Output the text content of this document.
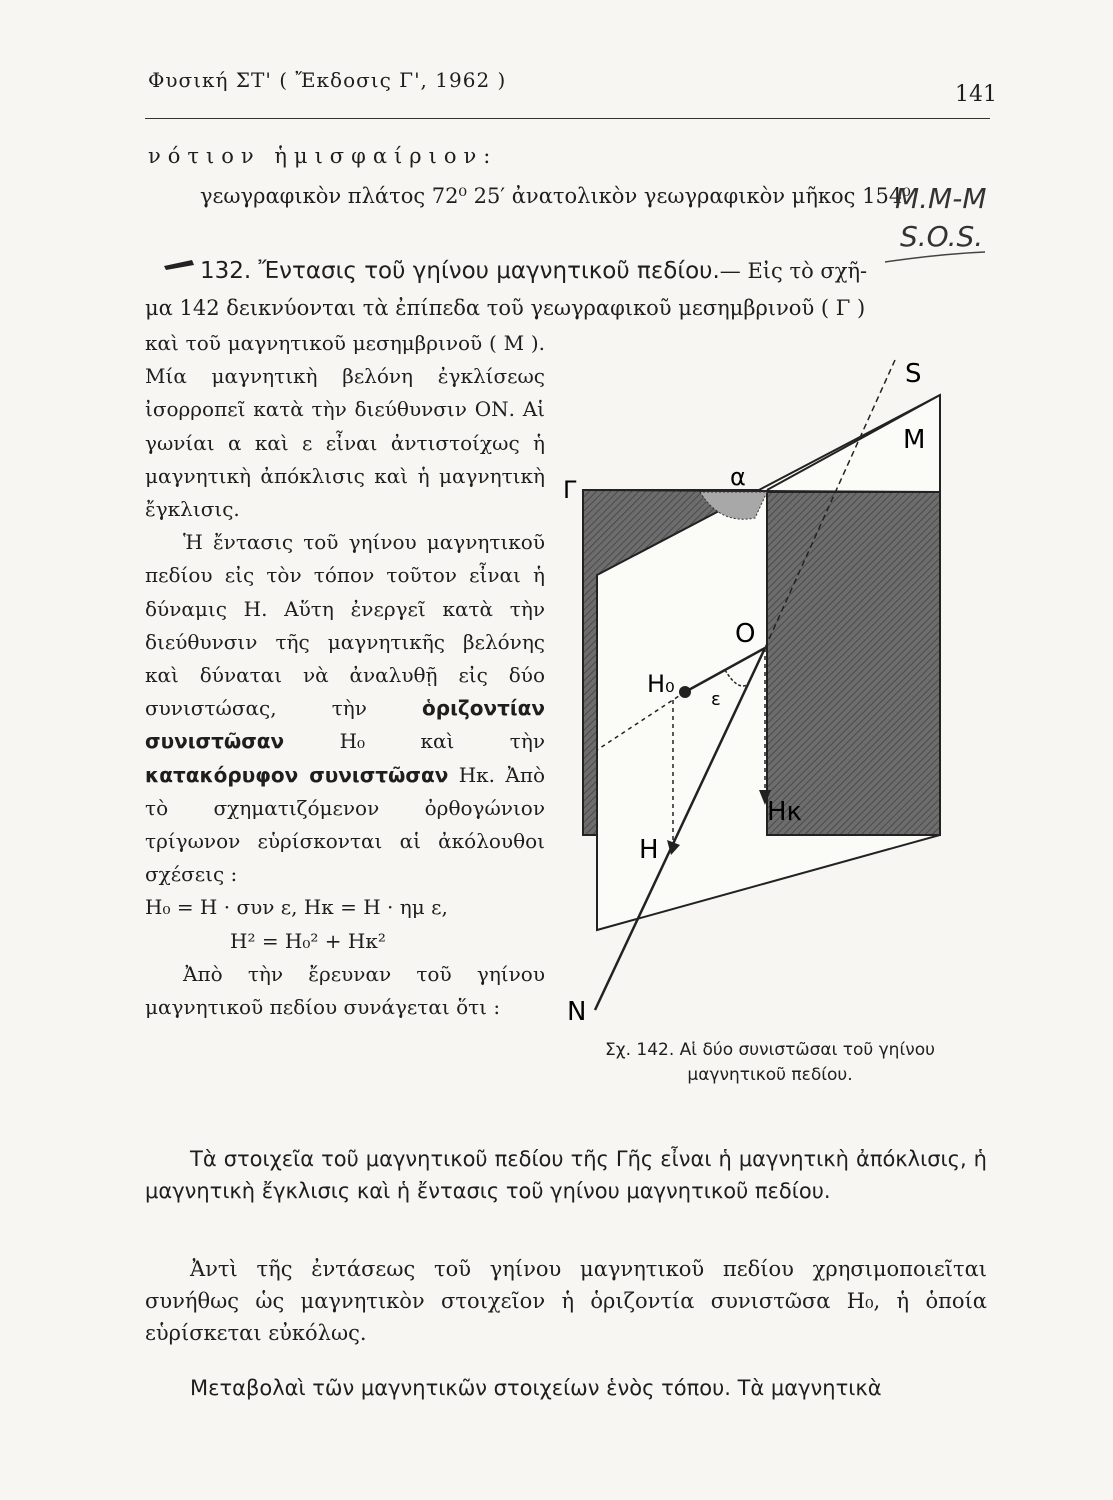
Φυσική ΣΤ' ( Ἔκδοσις Γ', 1962 )
141
νότιον ἡμισφαίριον:
γεωγραφικὸν πλάτος 72⁰ 25′ ἀνατολικὸν γεωγραφικὸν μῆκος 154⁰
M.M-M
S.O.S.
132. Ἔντασις τοῦ γηίνου μαγνητικοῦ πεδίου.— Εἰς τὸ σχῆ-
μα 142 δεικνύονται τὰ ἐπίπεδα τοῦ γεωγραφικοῦ μεσημβρινοῦ ( Γ )

καὶ τοῦ μαγνητικοῦ μεσημβρινοῦ ( Μ ). Μία μαγνητικὴ βελόνη ἐγκλίσεως ἰσορροπεῖ κατὰ τὴν διεύθυνσιν ΟΝ. Αἱ γωνίαι α καὶ ε εἶναι ἀντιστοίχως ἡ μαγνητικὴ ἀπόκλισις καὶ ἡ μαγνητικὴ ἔγκλισις.

Ἡ ἔντασις τοῦ γηίνου μαγνητικοῦ πεδίου εἰς τὸν τόπον τοῦτον εἶναι ἡ δύναμις Η. Αὕτη ἐνεργεῖ κατὰ τὴν διεύθυνσιν τῆς μαγνητικῆς βελόνης καὶ δύναται νὰ ἀναλυθῇ εἰς δύο συνιστώσας, τὴν	ὁριζοντίαν συνιστῶσαν	Η₀	καὶ τὴν κατακόρυφον συνιστῶσαν Ηκ. Ἀπὸ τὸ σχηματιζόμενον ὀρθογώνιον τρίγωνον εὑρίσκονται αἱ ἀκόλουθοι σχέσεις :

Η₀ = Η · συν ε, Ηκ = Η · ημ ε,

Η² = Η₀² + Ηκ²

Ἀπὸ τὴν ἔρευναν τοῦ γηίνου μαγνητικοῦ πεδίου συνάγεται ὅτι :

S
M
Γ	α
O
H₀
ε
Hκ
H
N
Σχ. 142. Αἱ δύο συνιστῶσαι τοῦ γηίνου
μαγνητικοῦ πεδίου.

Τὰ στοιχεῖα τοῦ μαγνητικοῦ πεδίου τῆς Γῆς εἶναι ἡ μαγνητικὴ ἀπόκλισις, ἡ μαγνητικὴ ἔγκλισις καὶ ἡ ἔντασις τοῦ γηίνου μαγνητικοῦ πεδίου.

Ἀντὶ τῆς ἐντάσεως τοῦ γηίνου μαγνητικοῦ πεδίου χρησιμοποιεῖται συνήθως ὡς μαγνητικὸν στοιχεῖον ἡ ὁριζοντία συνιστῶσα Η₀, ἡ ὁποία εὑρίσκεται εὐκόλως.

Μεταβολαὶ τῶν μαγνητικῶν στοιχείων ἑνὸς τόπου. Τὰ μαγνητικὰ
